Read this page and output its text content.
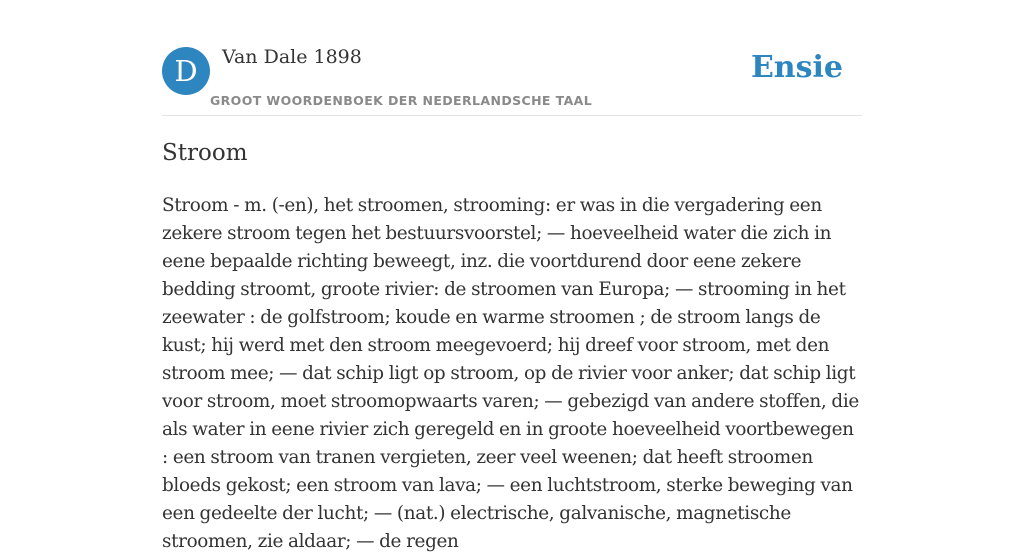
D	Van Dale 1898
GROOT WOORDENBOEK DER NEDERLANDSCHE TAAL
Ensie
Stroom

Stroom - m. (-en), het stroomen, strooming: er was in die vergadering een zekere stroom tegen het bestuursvoorstel; — hoeveelheid water die zich in eene bepaalde richting beweegt, inz. die voortdurend door eene zekere bedding stroomt, groote rivier: de stroomen van Europa; — strooming in het zeewater : de golfstroom; koude en warme stroomen ; de stroom langs de kust; hij werd met den stroom meegevoerd; hij dreef voor stroom, met den stroom mee; — dat schip ligt op stroom, op de rivier voor anker; dat schip ligt voor stroom, moet stroomopwaarts varen; — gebezigd van andere stoffen, die als water in eene rivier zich geregeld en in groote hoeveelheid voortbewegen : een stroom van tranen vergieten, zeer veel weenen; dat heeft stroomen bloeds gekost; een stroom van lava; — een luchtstroom, sterke beweging van een gedeelte der lucht; — (nat.) electrische, galvanische, magnetische stroomen, zie aldaar; — de regen
